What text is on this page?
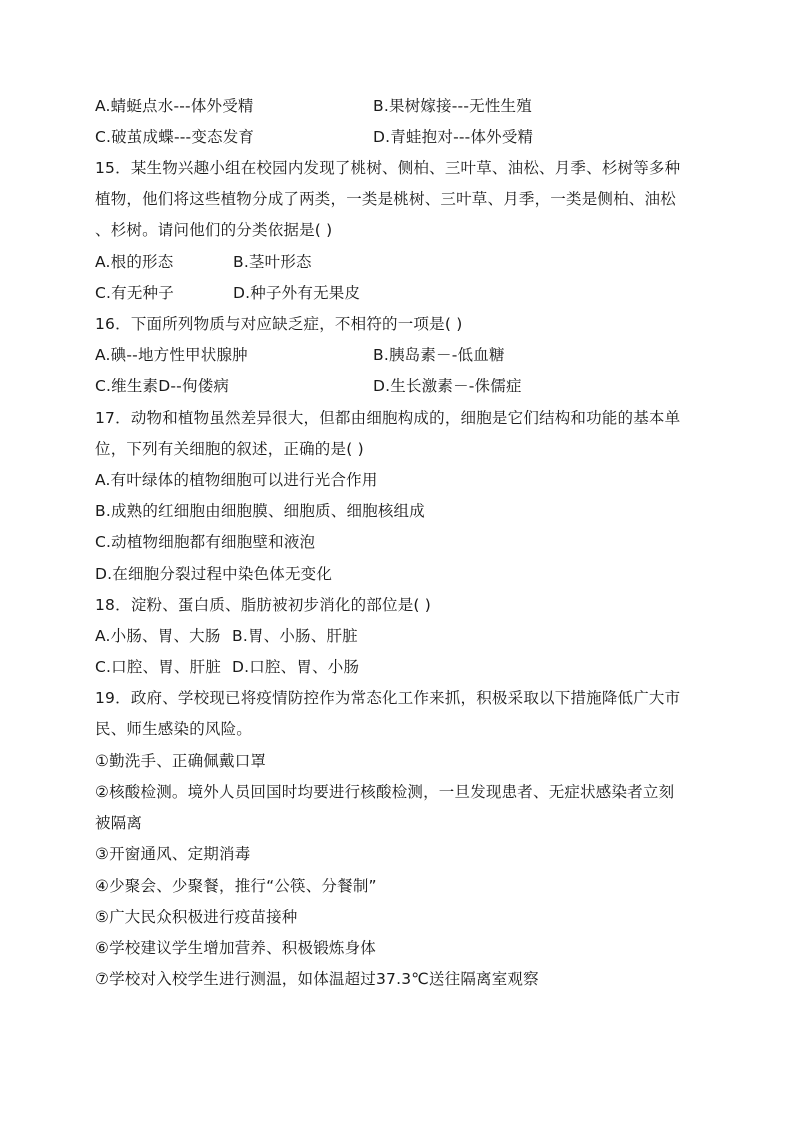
A.蜻蜓点水---体外受精	B.果树嫁接---无性生殖
C.破茧成蝶---变态发育	D.青蛙抱对---体外受精
15．某生物兴趣小组在校园内发现了桃树、侧柏、三叶草、油松、月季、杉树等多种
植物，他们将这些植物分成了两类，一类是桃树、三叶草、月季，一类是侧柏、油松
、杉树。请问他们的分类依据是( )
A.根的形态	B.茎叶形态
C.有无种子	D.种子外有无果皮
16．下面所列物质与对应缺乏症，不相符的一项是( )
A.碘--地方性甲状腺肿	B.胰岛素－-低血糖
C.维生素D--佝偻病	D.生长激素－-侏儒症
17．动物和植物虽然差异很大，但都由细胞构成的，细胞是它们结构和功能的基本单
位，下列有关细胞的叙述，正确的是( )
A.有叶绿体的植物细胞可以进行光合作用
B.成熟的红细胞由细胞膜、细胞质、细胞核组成
C.动植物细胞都有细胞壁和液泡
D.在细胞分裂过程中染色体无变化
18．淀粉、蛋白质、脂肪被初步消化的部位是( )
A.小肠、胃、大肠 B.胃、小肠、肝脏
C.口腔、胃、肝脏 D.口腔、胃、小肠
19．政府、学校现已将疫情防控作为常态化工作来抓，积极采取以下措施降低广大市
民、师生感染的风险。
①勤洗手、正确佩戴口罩
②核酸检测。境外人员回国时均要进行核酸检测，一旦发现患者、无症状感染者立刻
被隔离
③开窗通风、定期消毒
④少聚会、少聚餐，推行“公筷、分餐制”
⑤广大民众积极进行疫苗接种
⑥学校建议学生增加营养、积极锻炼身体
⑦学校对入校学生进行测温，如体温超过37.3℃送往隔离室观察
